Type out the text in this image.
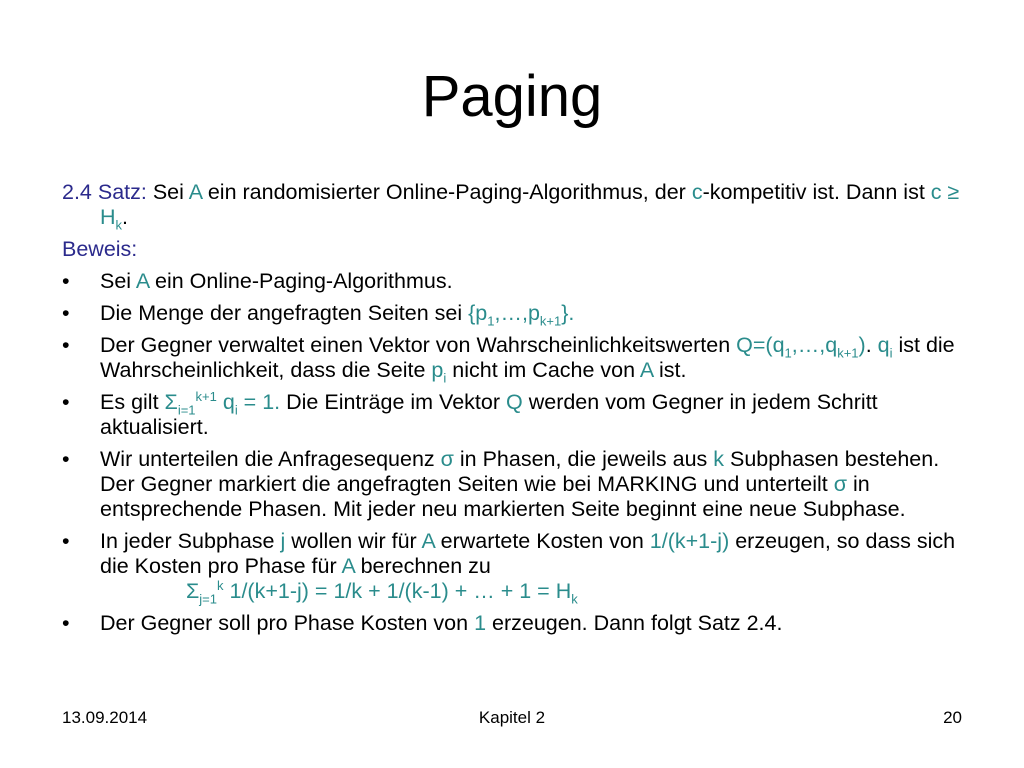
Paging
2.4 Satz: Sei A ein randomisierter Online-Paging-Algorithmus, der c-kompetitiv ist. Dann ist $c \ge H_k$.
Beweis:
• Sei A ein Online-Paging-Algorithmus.
• Die Menge der angefragten Seiten sei $\{p_1,\dots,p_{k+1}\}$.
• Der Gegner verwaltet einen Vektor von Wahrscheinlichkeitswerten $Q=(q_1,\dots,q_{k+1})$. $q_i$ ist die Wahrscheinlichkeit, dass die Seite $p_i$ nicht im Cache von A ist.
• Es gilt $\Sigma_{i=1}^{k+1}$ $q_i = 1$. Die Einträge im Vektor Q werden vom Gegner in jedem Schritt aktualisiert.
• Wir unterteilen die Anfragesequenz σ in Phasen, die jeweils aus k Subphasen bestehen. Der Gegner markiert die angefragten Seiten wie bei MARKING und unterteilt σ in entsprechende Phasen. Mit jeder neu markierten Seite beginnt eine neue Subphase.
• In jeder Subphase j wollen wir für A erwartete Kosten von 1/(k+1-j) erzeugen, so dass sich die Kosten pro Phase für A berechnen zu
$\Sigma_{j=1}^k$ 1/(k+1-j) = 1/k + 1/(k-1) + … + $1 = H_k$
• Der Gegner soll pro Phase Kosten von 1 erzeugen. Dann folgt Satz 2.4.
13.09.2014	Kapitel 2	20
